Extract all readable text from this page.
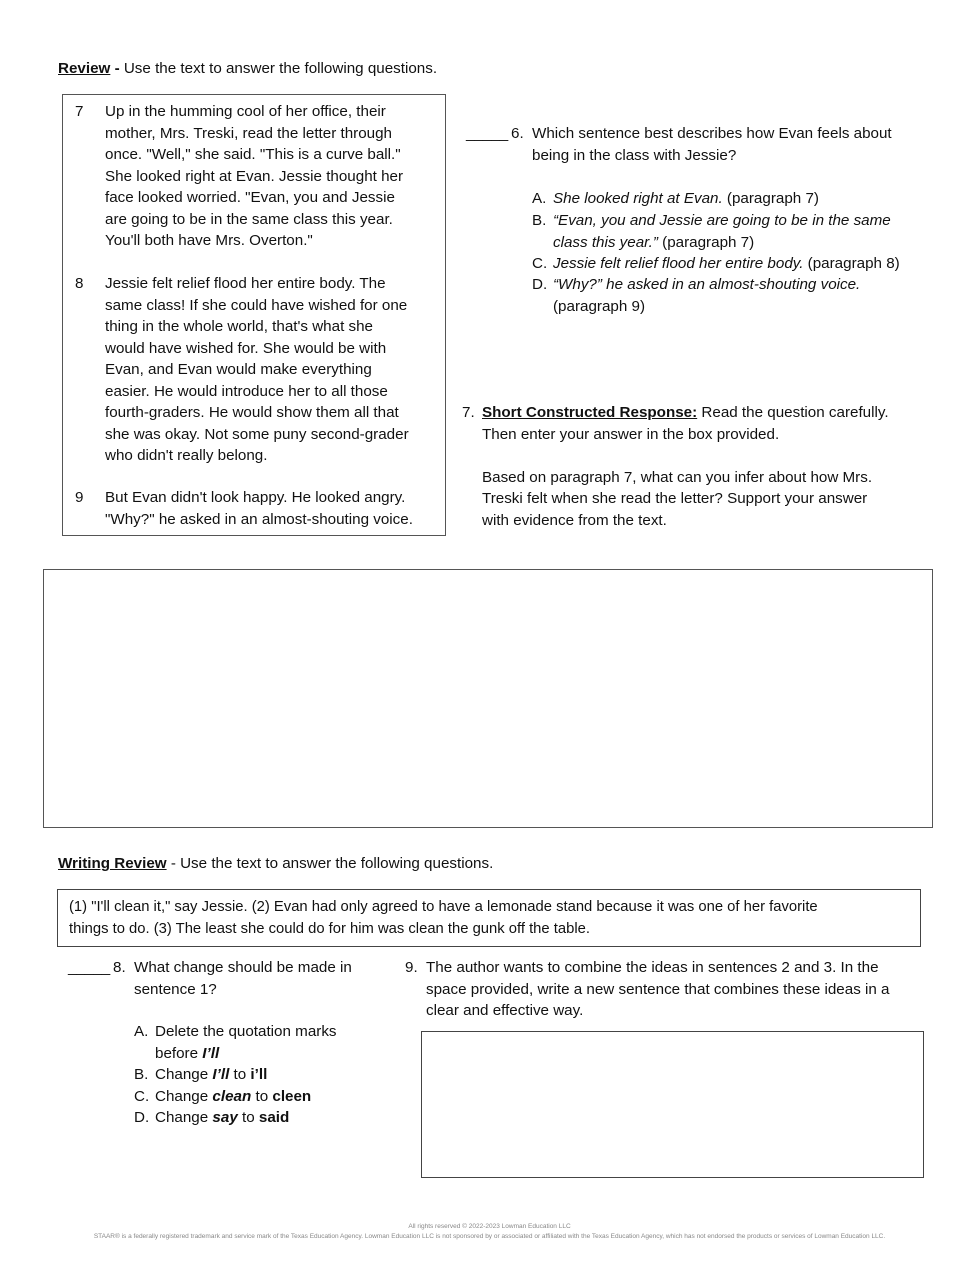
Review - Use the text to answer the following questions.
7 Up in the humming cool of her office, their
mother, Mrs. Treski, read the letter through
once. "Well," she said. "This is a curve ball."
She looked right at Evan. Jessie thought her
face looked worried. "Evan, you and Jessie
are going to be in the same class this year.
You'll both have Mrs. Overton."
8 Jessie felt relief flood her entire body. The
same class! If she could have wished for one
thing in the whole world, that's what she
would have wished for. She would be with
Evan, and Evan would make everything
easier. He would introduce her to all those
fourth-graders. He would show them all that
she was okay. Not some puny second-grader
who didn't really belong.
9 But Evan didn't look happy. He looked angry.
"Why?" he asked in an almost-shouting voice.
_____ 6. Which sentence best describes how Evan feels about
being in the class with Jessie?
A. She looked right at Evan. (paragraph 7)
B. “Evan, you and Jessie are going to be in the same
class this year.” (paragraph 7)
C. Jessie felt relief flood her entire body. (paragraph 8)
D. “Why?” he asked in an almost-shouting voice.
(paragraph 9)
7. Short Constructed Response: Read the question carefully.
Then enter your answer in the box provided.
Based on paragraph 7, what can you infer about how Mrs.
Treski felt when she read the letter? Support your answer
with evidence from the text.
Writing Review - Use the text to answer the following questions.
(1) "I'll clean it," say Jessie. (2) Evan had only agreed to have a lemonade stand because it was one of her favorite
things to do. (3) The least she could do for him was clean the gunk off the table.
_____ 8. What change should be made in
sentence 1?
A. Delete the quotation marks
before I’ll
B. Change I’ll to i’ll
C. Change clean to cleen
D. Change say to said
9. The author wants to combine the ideas in sentences 2 and 3. In the
space provided, write a new sentence that combines these ideas in a
clear and effective way.
All rights reserved © 2022-2023 Lowman Education LLC
STAAR® is a federally registered trademark and service mark of the Texas Education Agency. Lowman Education LLC is not sponsored by or associated or affiliated with the Texas Education Agency, which has not endorsed the products or services of Lowman Education LLC.
